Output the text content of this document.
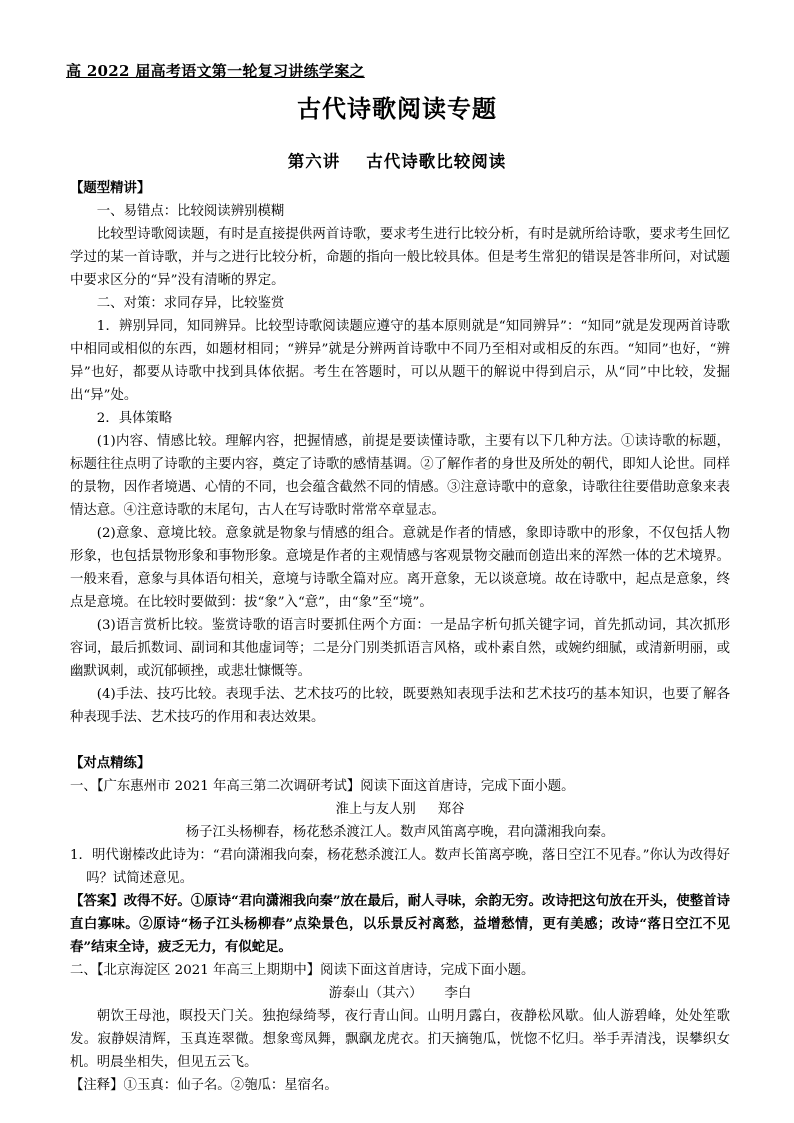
高 2022 届高考语文第一轮复习讲练学案之
古代诗歌阅读专题
第六讲 古代诗歌比较阅读

【题型精讲】

一、易错点：比较阅读辨别模糊

比较型诗歌阅读题，有时是直接提供两首诗歌，要求考生进行比较分析，有时是就所给诗歌，要求考生回忆学过的某一首诗歌，并与之进行比较分析，命题的指向一般比较具体。但是考生常犯的错误是答非所问，对试题中要求区分的“异”没有清晰的界定。

二、对策：求同存异，比较鉴赏

1．辨别异同，知同辨异。比较型诗歌阅读题应遵守的基本原则就是“知同辨异”：“知同”就是发现两首诗歌中相同或相似的东西，如题材相同；“辨异”就是分辨两首诗歌中不同乃至相对或相反的东西。“知同”也好，“辨异”也好，都要从诗歌中找到具体依据。考生在答题时，可以从题干的解说中得到启示，从“同”中比较，发掘出“异”处。

2．具体策略

(1)内容、情感比较。理解内容，把握情感，前提是要读懂诗歌，主要有以下几种方法。①读诗歌的标题，标题往往点明了诗歌的主要内容，奠定了诗歌的感情基调。②了解作者的身世及所处的朝代，即知人论世。同样的景物，因作者境遇、心情的不同，也会蕴含截然不同的情感。③注意诗歌中的意象，诗歌往往要借助意象来表情达意。④注意诗歌的末尾句，古人在写诗歌时常常卒章显志。

(2)意象、意境比较。意象就是物象与情感的组合。意就是作者的情感，象即诗歌中的形象，不仅包括人物形象，也包括景物形象和事物形象。意境是作者的主观情感与客观景物交融而创造出来的浑然一体的艺术境界。一般来看，意象与具体语句相关，意境与诗歌全篇对应。离开意象，无以谈意境。故在诗歌中，起点是意象，终点是意境。在比较时要做到：拔“象”入“意”，由“象”至“境”。

(3)语言赏析比较。鉴赏诗歌的语言时要抓住两个方面：一是品字析句抓关键字词，首先抓动词，其次抓形容词，最后抓数词、副词和其他虚词等；二是分门别类抓语言风格，或朴素自然，或婉约细腻，或清新明丽，或幽默讽刺，或沉郁顿挫，或悲壮慷慨等。

(4)手法、技巧比较。表现手法、艺术技巧的比较，既要熟知表现手法和艺术技巧的基本知识，也要了解各种表现手法、艺术技巧的作用和表达效果。

【对点精练】

一、【广东惠州市 2021 年高三第二次调研考试】阅读下面这首唐诗，完成下面小题。

淮上与友人别 郑谷

杨子江头杨柳春，杨花愁杀渡江人。数声风笛离亭晚，君向潇湘我向秦。

1．明代谢榛改此诗为：“君向潇湘我向秦，杨花愁杀渡江人。数声长笛离亭晚，落日空江不见春。”你认为改得好吗？试简述意见。

【答案】改得不好。①原诗“君向潇湘我向秦”放在最后，耐人寻味，余韵无穷。改诗把这句放在开头，使整首诗直白寡味。②原诗“杨子江头杨柳春”点染景色，以乐景反衬离愁，益增愁情，更有美感；改诗“落日空江不见春”结束全诗，疲乏无力，有似蛇足。

二、【北京海淀区 2021 年高三上期期中】阅读下面这首唐诗，完成下面小题。

游泰山（其六） 李白

朝饮王母池，暝投天门关。独抱绿绮琴，夜行青山间。山明月露白，夜静松风歇。仙人游碧峰，处处笙歌发。寂静娱清辉，玉真连翠微。想象鸾凤舞，飘飖龙虎衣。扪天摘匏瓜，恍惚不忆归。举手弄清浅，误攀织女机。明晨坐相失，但见五云飞。

【注释】①玉真：仙子名。②匏瓜：星宿名。
